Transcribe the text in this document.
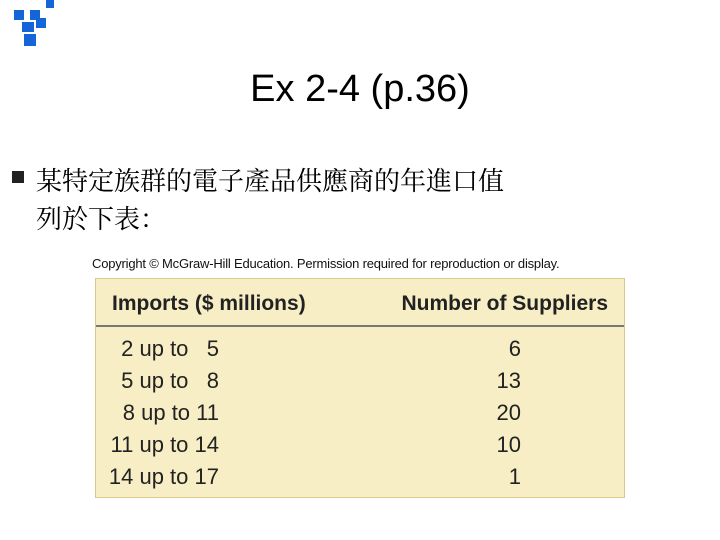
Ex 2-4 (p.36)
某特定族群的電子產品供應商的年進口值
列於下表：
Copyright © McGraw-Hill Education. Permission required for reproduction or display.
Imports ($ millions)	Number of Suppliers
2 up to   5	6
5 up to   8	13
8 up to 11	20
11 up to 14	10
14 up to 17	1
